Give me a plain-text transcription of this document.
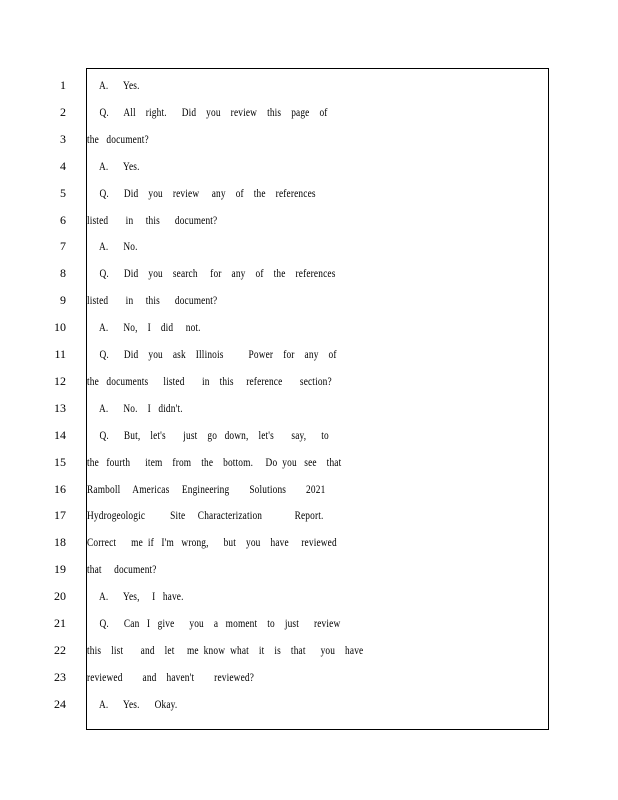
1 A.      Yes.
2 Q.      All    right.      Did    you    review    this    page    of
3 the   document?
4 A.      Yes.
5 Q.      Did    you    review     any    of    the    references
6 listed       in     this      document?
7 A.      No.
8 Q.      Did    you    search     for    any    of    the    references
9 listed       in     this      document?
10 A.      No,    I    did     not.
11 Q.      Did    you    ask    Illinois          Power    for    any    of
12 the   documents      listed       in    this     reference       section?
13 A.      No.    I   didn't.
14 Q.      But,    let's       just    go   down,    let's       say,      to
15 the   fourth      item    from    the    bottom.     Do  you   see    that
16 Ramboll     Americas     Engineering        Solutions        2021
17 Hydrogeologic          Site     Characterization             Report.
18 Correct      me  if   I'm   wrong,      but    you    have     reviewed
19 that     document?
20 A.      Yes,     I   have.
21 Q.      Can   I   give      you    a   moment    to    just      review
22 this    list       and    let     me  know  what    it    is    that      you    have
23 reviewed        and    haven't        reviewed?
24 A.      Yes.      Okay.
